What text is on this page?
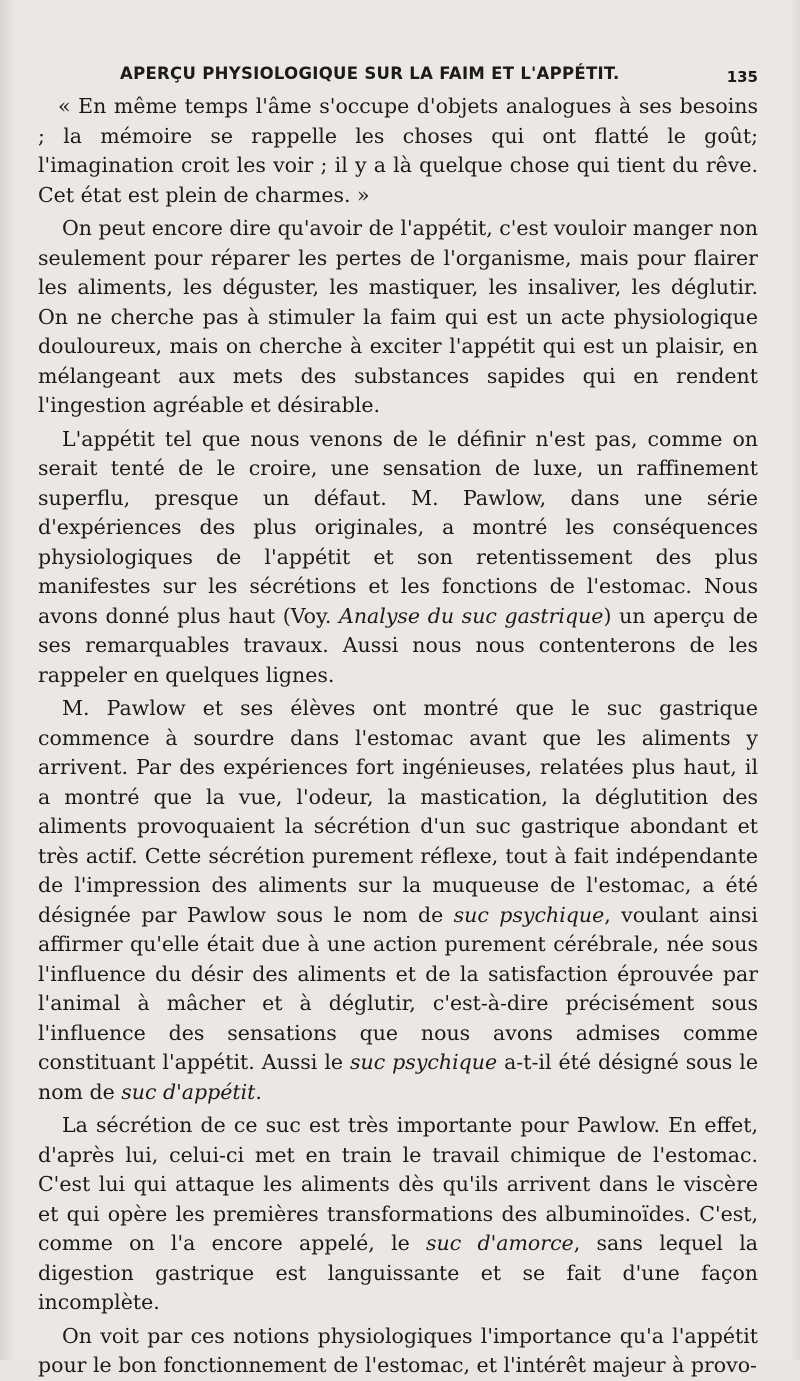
APERÇU PHYSIOLOGIQUE SUR LA FAIM ET L'APPÉTIT.	135

« En même temps l'âme s'occupe d'objets analogues à ses besoins ; la mémoire se rappelle les choses qui ont flatté le goût; l'imagination croit les voir ; il y a là quelque chose qui tient du rêve. Cet état est plein de charmes. »

On peut encore dire qu'avoir de l'appétit, c'est vouloir manger non seulement pour réparer les pertes de l'organisme, mais pour flairer les aliments, les déguster, les mastiquer, les insaliver, les déglutir. On ne cherche pas à stimuler la faim qui est un acte physiologique douloureux, mais on cherche à exciter l'appétit qui est un plaisir, en mélangeant aux mets des substances sapides qui en rendent l'ingestion agréable et désirable.

L'appétit tel que nous venons de le définir n'est pas, comme on serait tenté de le croire, une sensation de luxe, un raffinement superflu, presque un défaut. M. Pawlow, dans une série d'expériences des plus originales, a montré les conséquences physiologiques de l'appétit et son retentissement des plus manifestes sur les sécrétions et les fonctions de l'estomac. Nous avons donné plus haut (Voy. Analyse du suc gastrique) un aperçu de ses remarquables travaux. Aussi nous nous contenterons de les rappeler en quelques lignes.

M. Pawlow et ses élèves ont montré que le suc gastrique commence à sourdre dans l'estomac avant que les aliments y arrivent. Par des expériences fort ingénieuses, relatées plus haut, il a montré que la vue, l'odeur, la mastication, la déglutition des aliments provoquaient la sécrétion d'un suc gastrique abondant et très actif. Cette sécrétion purement réflexe, tout à fait indépendante de l'impression des aliments sur la muqueuse de l'estomac, a été désignée par Pawlow sous le nom de suc psychique, voulant ainsi affirmer qu'elle était due à une action purement cérébrale, née sous l'influence du désir des aliments et de la satisfaction éprouvée par l'animal à mâcher et à déglutir, c'est-à-dire précisément sous l'influence des sensations que nous avons admises comme constituant l'appétit. Aussi le suc psychique a-t-il été désigné sous le nom de suc d'appétit.

La sécrétion de ce suc est très importante pour Pawlow. En effet, d'après lui, celui-ci met en train le travail chimique de l'estomac. C'est lui qui attaque les aliments dès qu'ils arrivent dans le viscère et qui opère les premières transformations des albuminoïdes. C'est, comme on l'a encore appelé, le suc d'amorce, sans lequel la digestion gastrique est languissante et se fait d'une façon incomplète.

On voit par ces notions physiologiques l'importance qu'a l'appétit pour le bon fonctionnement de l'estomac, et l'intérêt majeur à provo-
